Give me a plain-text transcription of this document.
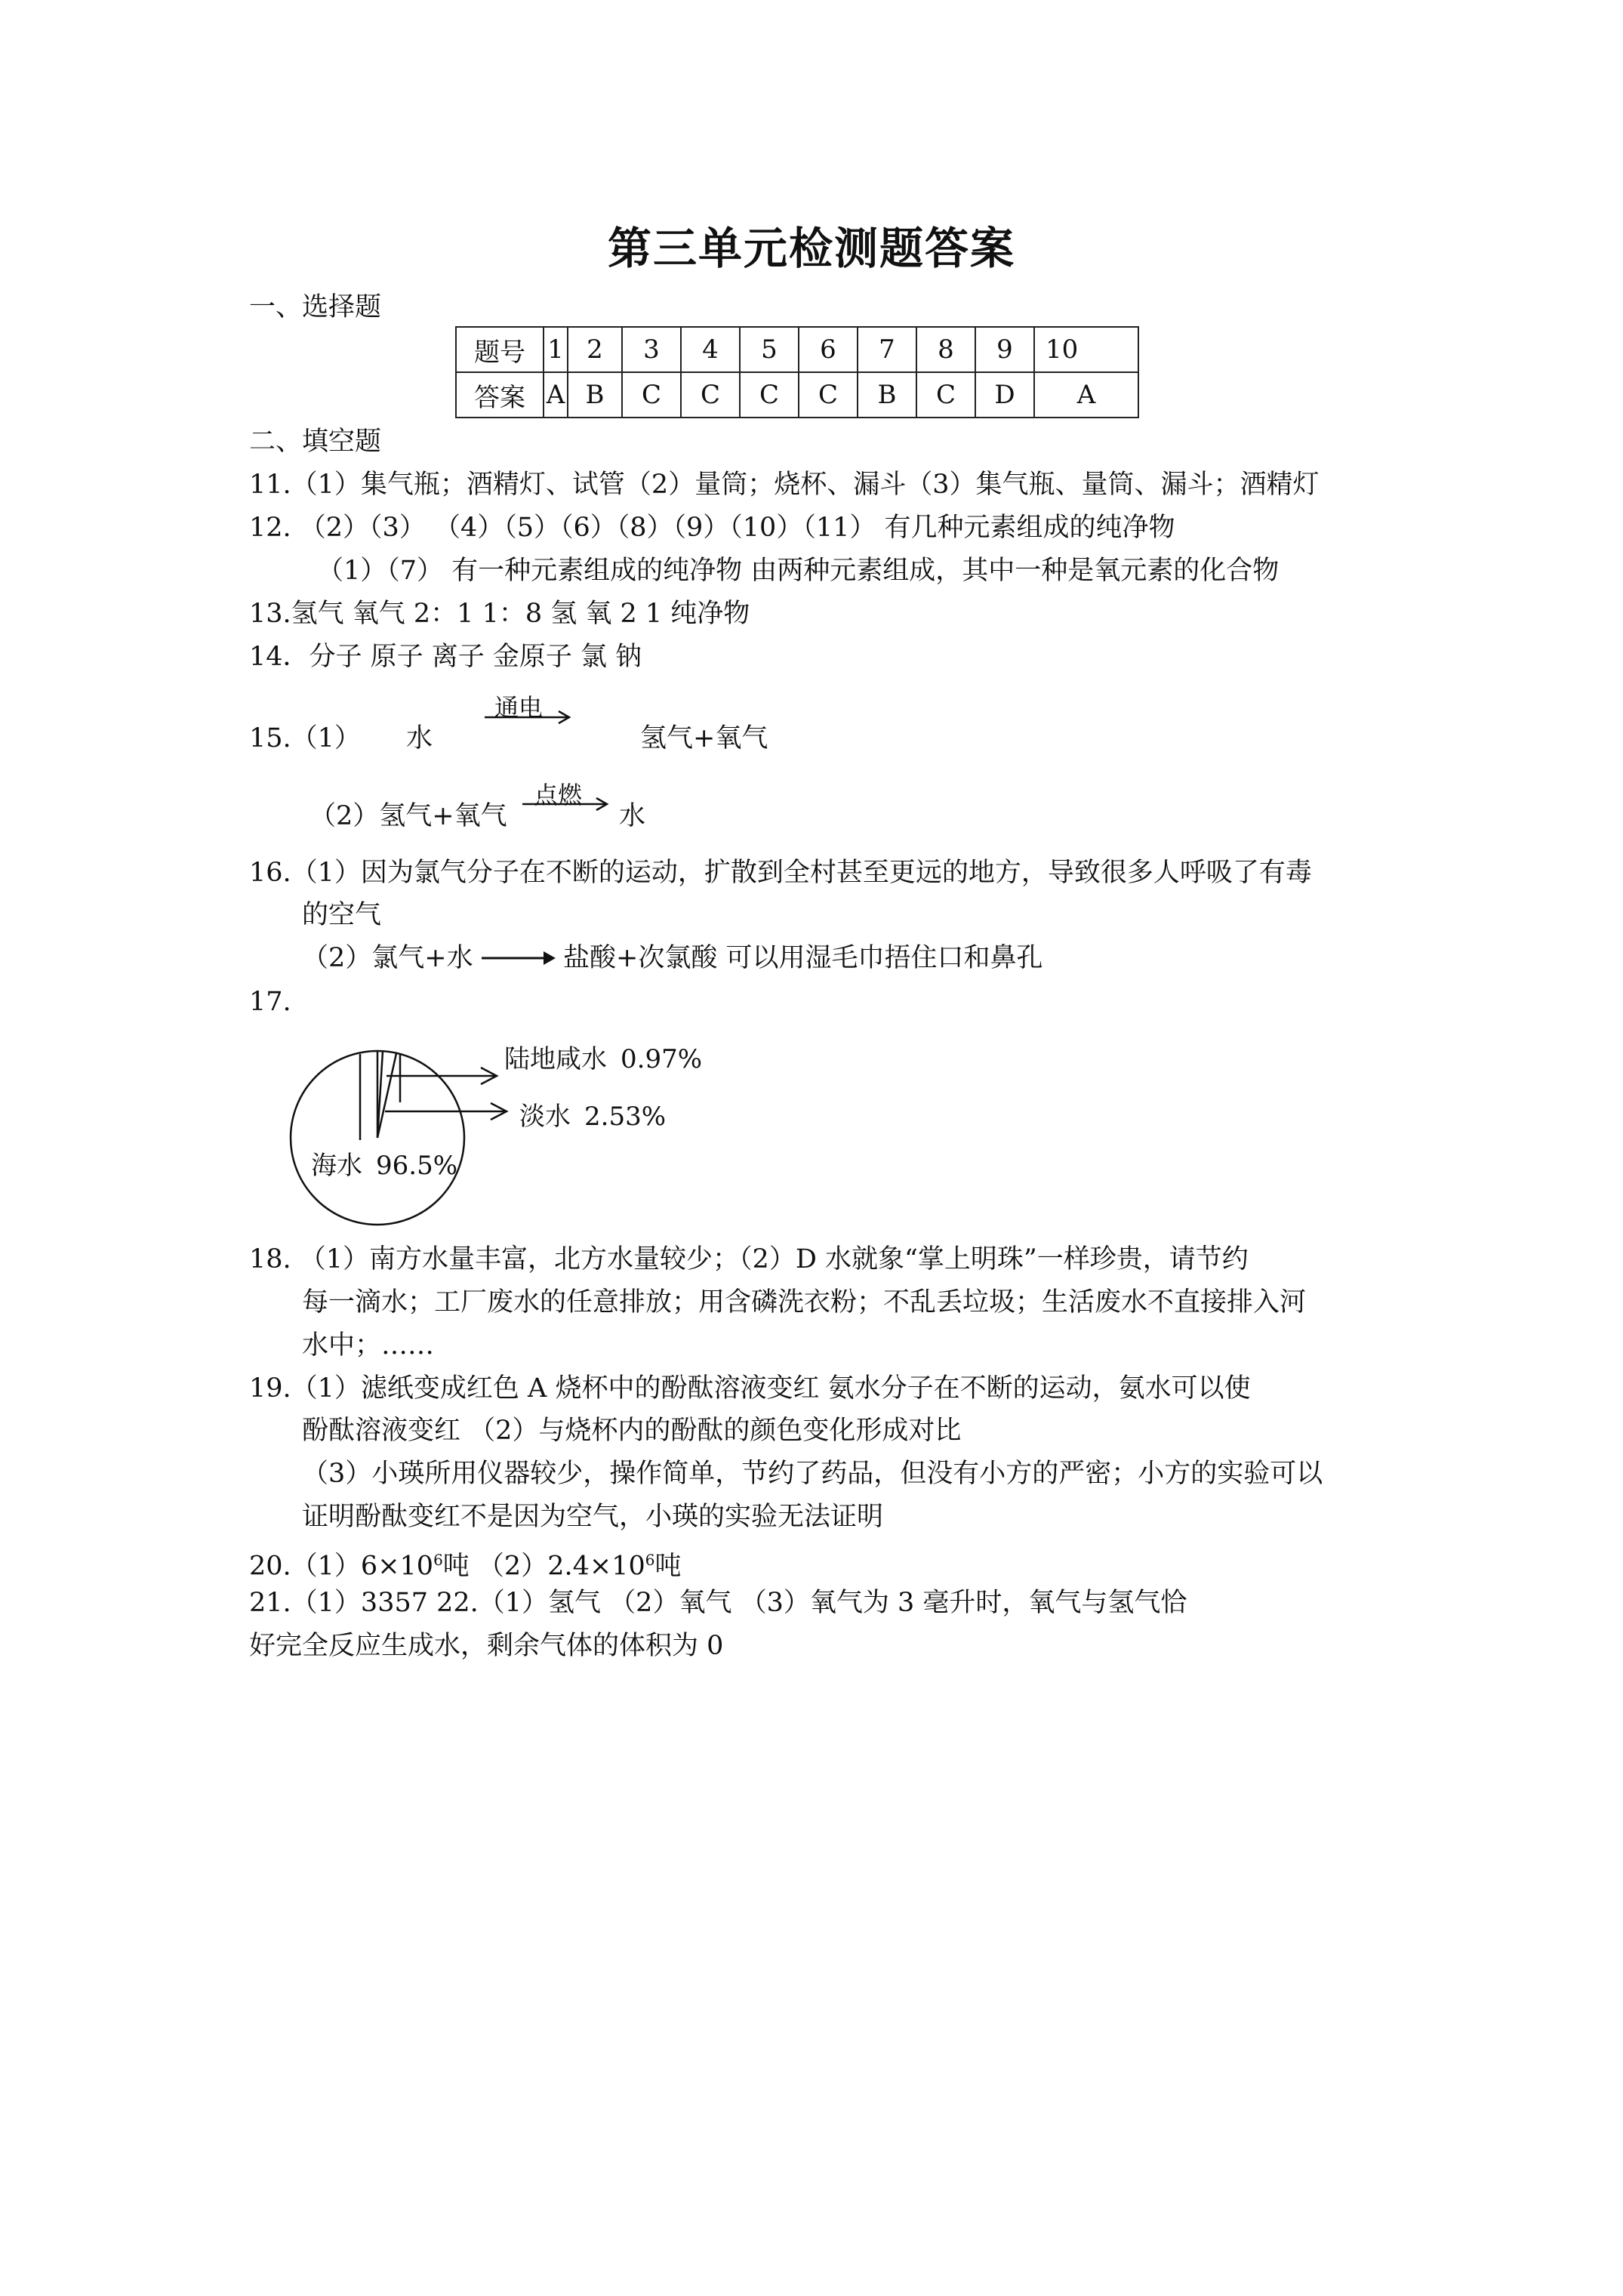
第三单元检测题答案
一、选择题
题号	1	2	3	4	5	6	7	8	9	10
答案	A	B	C	C	C	C	B	C	D	A
二、填空题
11.（1）集气瓶；酒精灯、试管（2）量筒；烧杯、漏斗（3）集气瓶、量筒、漏斗；酒精灯
12. （2）（3） （4）（5）（6）（8）（9）（10）（11） 有几种元素组成的纯净物
（1）（7） 有一种元素组成的纯净物 由两种元素组成，其中一种是氧元素的化合物
13.氢气 氧气 2：1 1：8 氢 氧 2 1 纯净物
14．分子 原子 离子 金原子 氯 钠
15.（1） 水
通电
氢气+氧气
（2）氢气+氧气
点燃
水
16.（1）因为氯气分子在不断的运动，扩散到全村甚至更远的地方，导致很多人呼吸了有毒
的空气
（2）氯气+水	盐酸+次氯酸 可以用湿毛巾捂住口和鼻孔
17.
陆地咸水 0.97%
淡水 2.53%
海水 96.5%
18. （1）南方水量丰富，北方水量较少；（2）D 水就象“掌上明珠”一样珍贵，请节约
每一滴水；工厂废水的任意排放；用含磷洗衣粉；不乱丢垃圾；生活废水不直接排入河
水中；……
19.（1）滤纸变成红色 A 烧杯中的酚酞溶液变红 氨水分子在不断的运动，氨水可以使
酚酞溶液变红 （2）与烧杯内的酚酞的颜色变化形成对比
（3）小瑛所用仪器较少，操作简单，节约了药品，但没有小方的严密；小方的实验可以
证明酚酞变红不是因为空气，小瑛的实验无法证明
$20.(1)6\times 10^6$吨 $(2)2.4\times 10^6$吨
21.（1）3357 22.（1）氢气 （2）氧气 （3）氧气为 3 毫升时，氧气与氢气恰
好完全反应生成水，剩余气体的体积为 0
